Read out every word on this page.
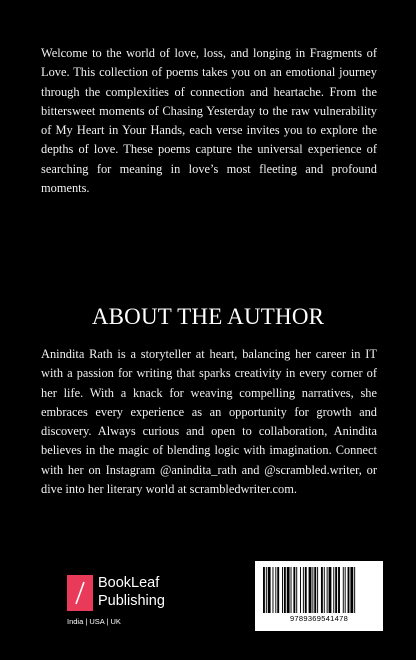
Welcome to the world of love, loss, and longing in Fragments of Love. This collection of poems takes you on an emotional journey through the complexities of connection and heartache. From the bittersweet moments of Chasing Yesterday to the raw vulnerability of My Heart in Your Hands, each verse invites you to explore the depths of love. These poems capture the universal experience of searching for meaning in love’s most fleeting and profound moments.

ABOUT THE AUTHOR

Anindita Rath is a storyteller at heart, balancing her career in IT with a passion for writing that sparks creativity in every corner of her life. With a knack for weaving compelling narratives, she embraces every experience as an opportunity for growth and discovery. Always curious and open to collaboration, Anindita believes in the magic of blending logic with imagination. Connect with her on Instagram @anindita_rath and @scrambled.writer, or dive into her literary world at scrambledwriter.com.

BookLeaf
Publishing
India | USA | UK	9789369541478
